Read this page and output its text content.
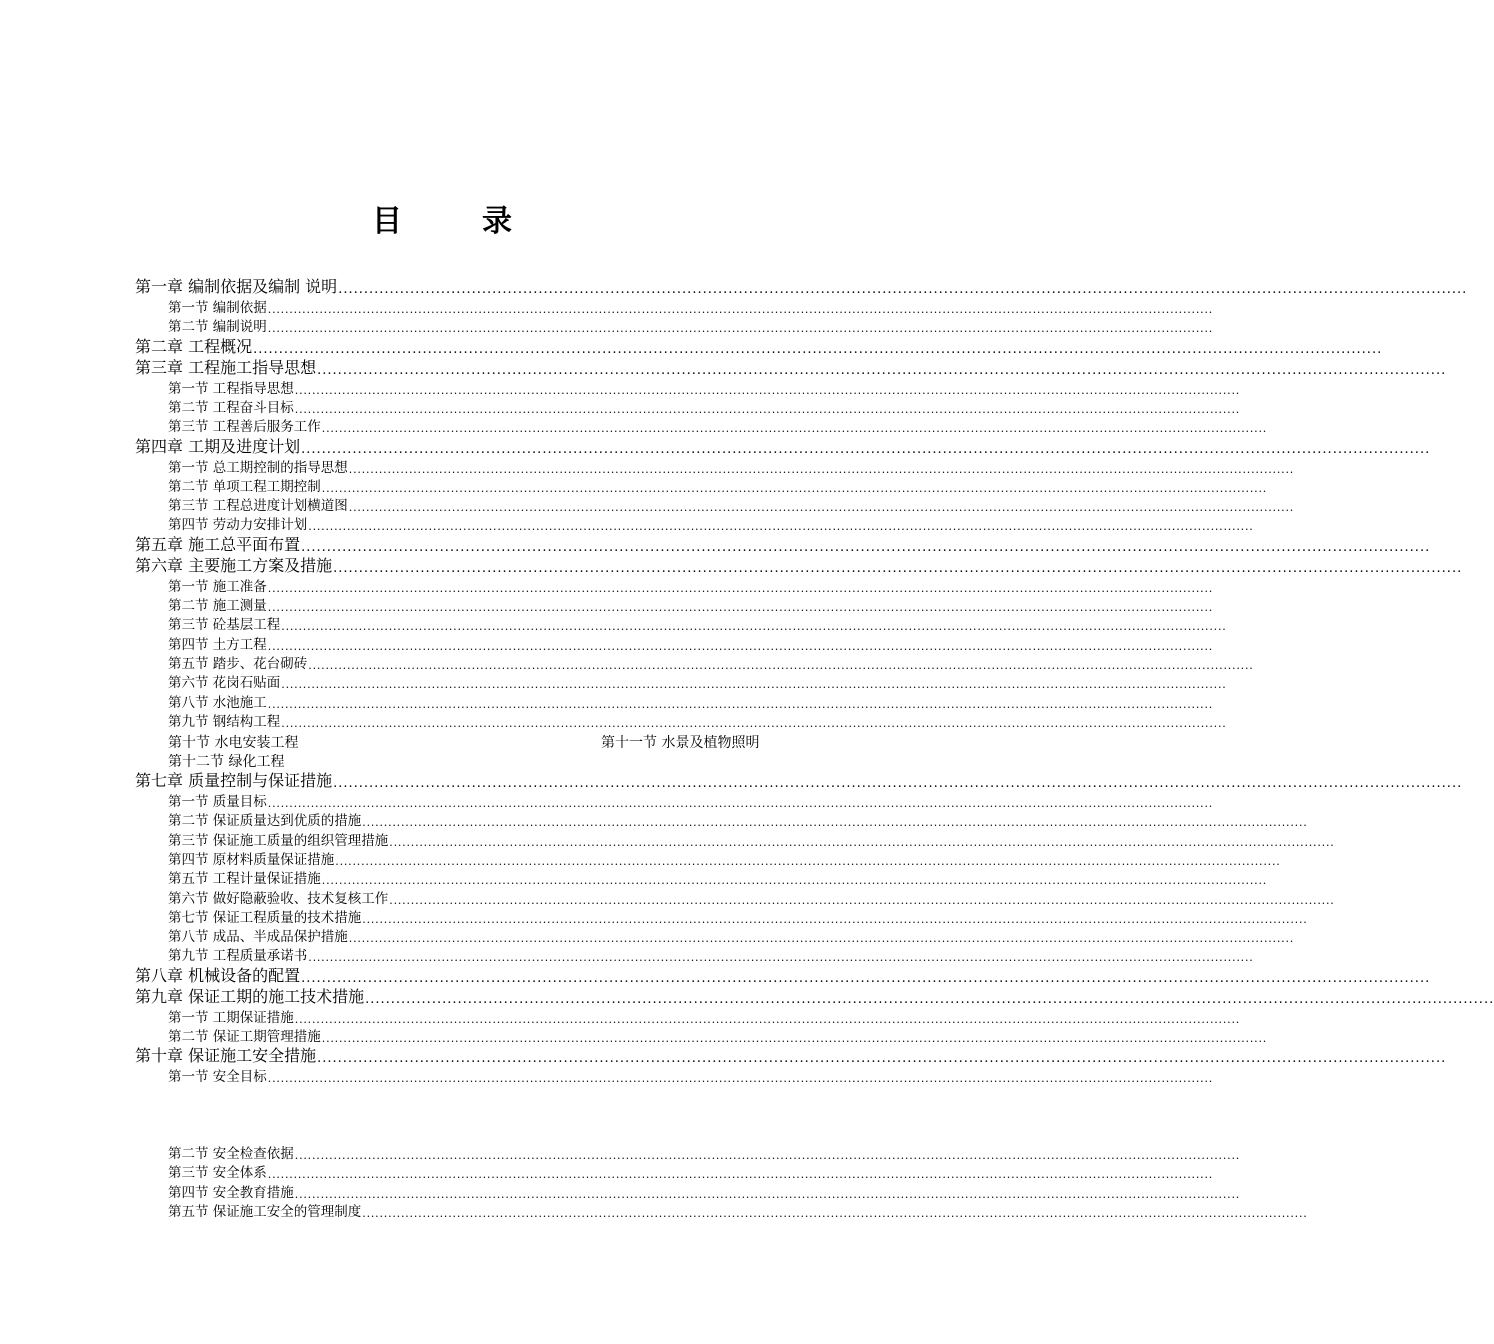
目	录
第一章 编制依据及编制 说明 ............................................................................................................................................................................................................................
第一节 编制依据 ............................................................................................................................................................................................................................
第二节 编制说明 ............................................................................................................................................................................................................................
第二章 工程概况 ............................................................................................................................................................................................................................
第三章 工程施工指导思想 ............................................................................................................................................................................................................................
第一节 工程指导思想 ............................................................................................................................................................................................................................
第二节 工程奋斗目标 ............................................................................................................................................................................................................................
第三节 工程善后服务工作 ............................................................................................................................................................................................................................
第四章 工期及进度计划 ............................................................................................................................................................................................................................
第一节 总工期控制的指导思想 ............................................................................................................................................................................................................................
第二节 单项工程工期控制 ............................................................................................................................................................................................................................
第三节 工程总进度计划横道图 ............................................................................................................................................................................................................................
第四节 劳动力安排计划 ............................................................................................................................................................................................................................
第五章 施工总平面布置 ............................................................................................................................................................................................................................
第六章 主要施工方案及措施 ............................................................................................................................................................................................................................
第一节 施工准备 ............................................................................................................................................................................................................................
第二节 施工测量 ............................................................................................................................................................................................................................
第三节 砼基层工程 ............................................................................................................................................................................................................................
第四节 土方工程 ............................................................................................................................................................................................................................
第五节 踏步、花台砌砖 ............................................................................................................................................................................................................................
第六节 花岗石贴面 ............................................................................................................................................................................................................................
第八节 水池施工 ............................................................................................................................................................................................................................
第九节 钢结构工程 ............................................................................................................................................................................................................................
第七章 质量控制与保证措施 ............................................................................................................................................................................................................................
第一节 质量目标 ............................................................................................................................................................................................................................
第二节 保证质量达到优质的措施 ............................................................................................................................................................................................................................
第三节 保证施工质量的组织管理措施 ............................................................................................................................................................................................................................
第四节 原材料质量保证措施 ............................................................................................................................................................................................................................
第五节 工程计量保证措施 ............................................................................................................................................................................................................................
第六节 做好隐蔽验收、技术复核工作 ............................................................................................................................................................................................................................
第七节 保证工程质量的技术措施 ............................................................................................................................................................................................................................
第八节 成品、半成品保护措施 ............................................................................................................................................................................................................................
第九节 工程质量承诺书 ............................................................................................................................................................................................................................
第八章 机械设备的配置 ............................................................................................................................................................................................................................
第九章 保证工期的施工技术措施 ............................................................................................................................................................................................................................
第一节 工期保证措施 ............................................................................................................................................................................................................................
第二节 保证工期管理措施 ............................................................................................................................................................................................................................
第十章 保证施工安全措施 ............................................................................................................................................................................................................................
第一节 安全目标 ............................................................................................................................................................................................................................
第二节 安全检查依据 ............................................................................................................................................................................................................................
第三节 安全体系 ............................................................................................................................................................................................................................
第四节 安全教育措施 ............................................................................................................................................................................................................................
第五节 保证施工安全的管理制度 ............................................................................................................................................................................................................................
第十节 水电安装工程	第十一节 水景及植物照明
第十二节 绿化工程
